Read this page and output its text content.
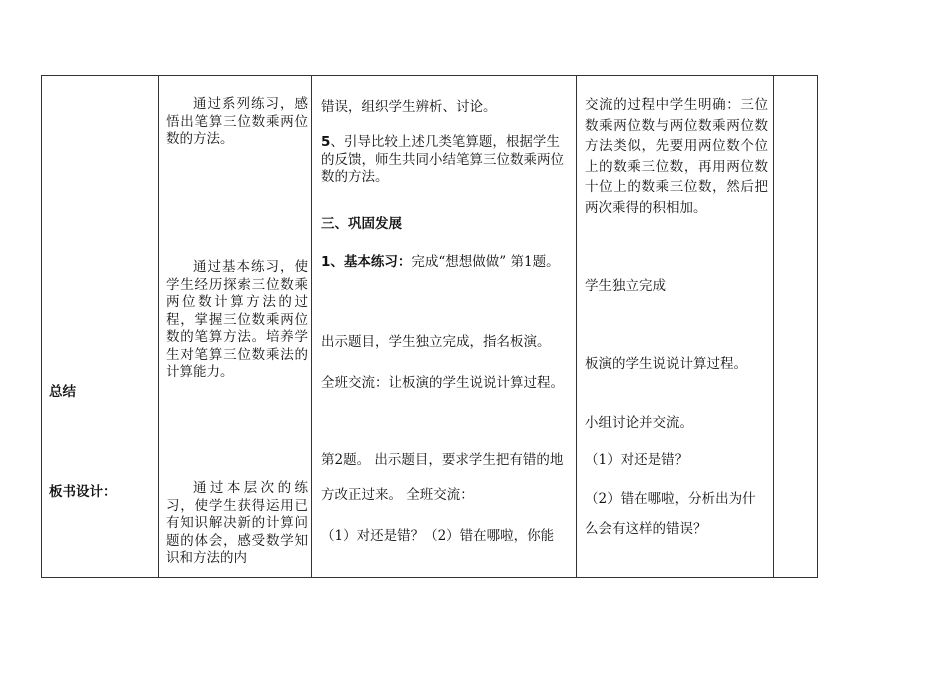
总结

板书设计：

通过系列练习，感悟出笔算三位数乘两位数的方法。

通过基本练习，使学生经历探索三位数乘两位数计算方法的过程，掌握三位数乘两位数的笔算方法。培养学生对笔算三位数乘法的计算能力。

通过本层次的练习，使学生获得运用已有知识解决新的计算问题的体会，感受数学知识和方法的内

错误，组织学生辨析、讨论。

5、引导比较上述几类笔算题，根据学生的反馈，师生共同小结笔算三位数乘两位数的方法。

三、巩固发展

1、基本练习：完成“想想做做” 第1题。

出示题目，学生独立完成，指名板演。

全班交流：让板演的学生说说计算过程。

第2题。 出示题目，要求学生把有错的地方改正过来。 全班交流：

（1）对还是错？（2）错在哪啦，你能

交流的过程中学生明确：三位数乘两位数与两位数乘两位数方法类似，先要用两位数个位上的数乘三位数，再用两位数十位上的数乘三位数，然后把两次乘得的积相加。

学生独立完成

板演的学生说说计算过程。

小组讨论并交流。

（1）对还是错？

（2）错在哪啦，分析出为什么会有这样的错误？
